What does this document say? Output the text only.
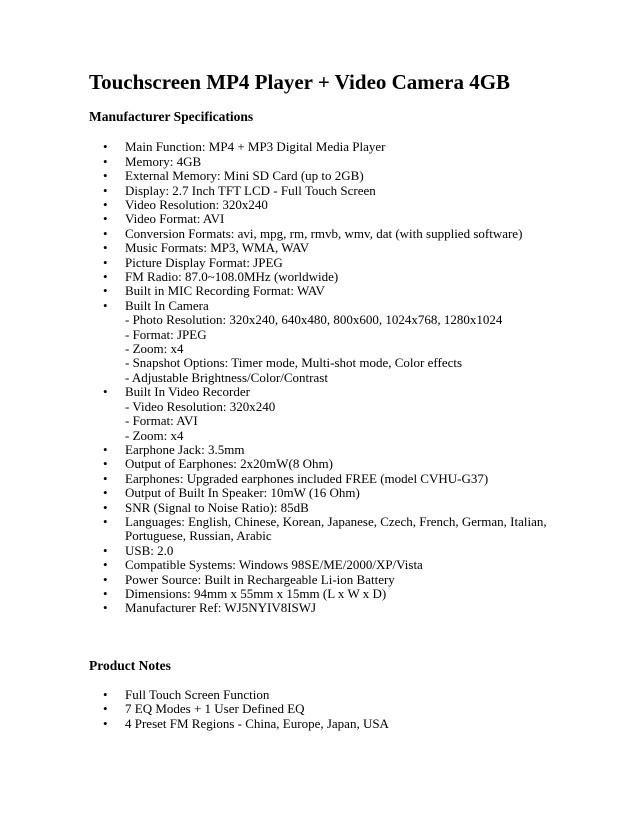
Touchscreen MP4 Player + Video Camera 4GB
Manufacturer Specifications
• Main Function: MP4 + MP3 Digital Media Player
• Memory: 4GB
• External Memory: Mini SD Card (up to 2GB)
• Display: 2.7 Inch TFT LCD - Full Touch Screen
• Video Resolution: 320x240
• Video Format: AVI
• Conversion Formats: avi, mpg, rm, rmvb, wmv, dat (with supplied software)
• Music Formats: MP3, WMA, WAV
• Picture Display Format: JPEG
• FM Radio: 87.0~108.0MHz (worldwide)
• Built in MIC Recording Format: WAV
• Built In Camera
- Photo Resolution: 320x240, 640x480, 800x600, 1024x768, 1280x1024
- Format: JPEG
- Zoom: x4
- Snapshot Options: Timer mode, Multi-shot mode, Color effects
- Adjustable Brightness/Color/Contrast
• Built In Video Recorder
- Video Resolution: 320x240
- Format: AVI
- Zoom: x4
• Earphone Jack: 3.5mm
• Output of Earphones: 2x20mW(8 Ohm)
• Earphones: Upgraded earphones included FREE (model CVHU-G37)
• Output of Built In Speaker: 10mW (16 Ohm)
• SNR (Signal to Noise Ratio): 85dB
• Languages: English, Chinese, Korean, Japanese, Czech, French, German, Italian, Portuguese, Russian, Arabic
• USB: 2.0
• Compatible Systems: Windows 98SE/ME/2000/XP/Vista
• Power Source: Built in Rechargeable Li-ion Battery
• Dimensions: 94mm x 55mm x 15mm (L x W x D)
• Manufacturer Ref: WJ5NYIV8ISWJ
Product Notes
• Full Touch Screen Function
• 7 EQ Modes + 1 User Defined EQ
• 4 Preset FM Regions - China, Europe, Japan, USA
